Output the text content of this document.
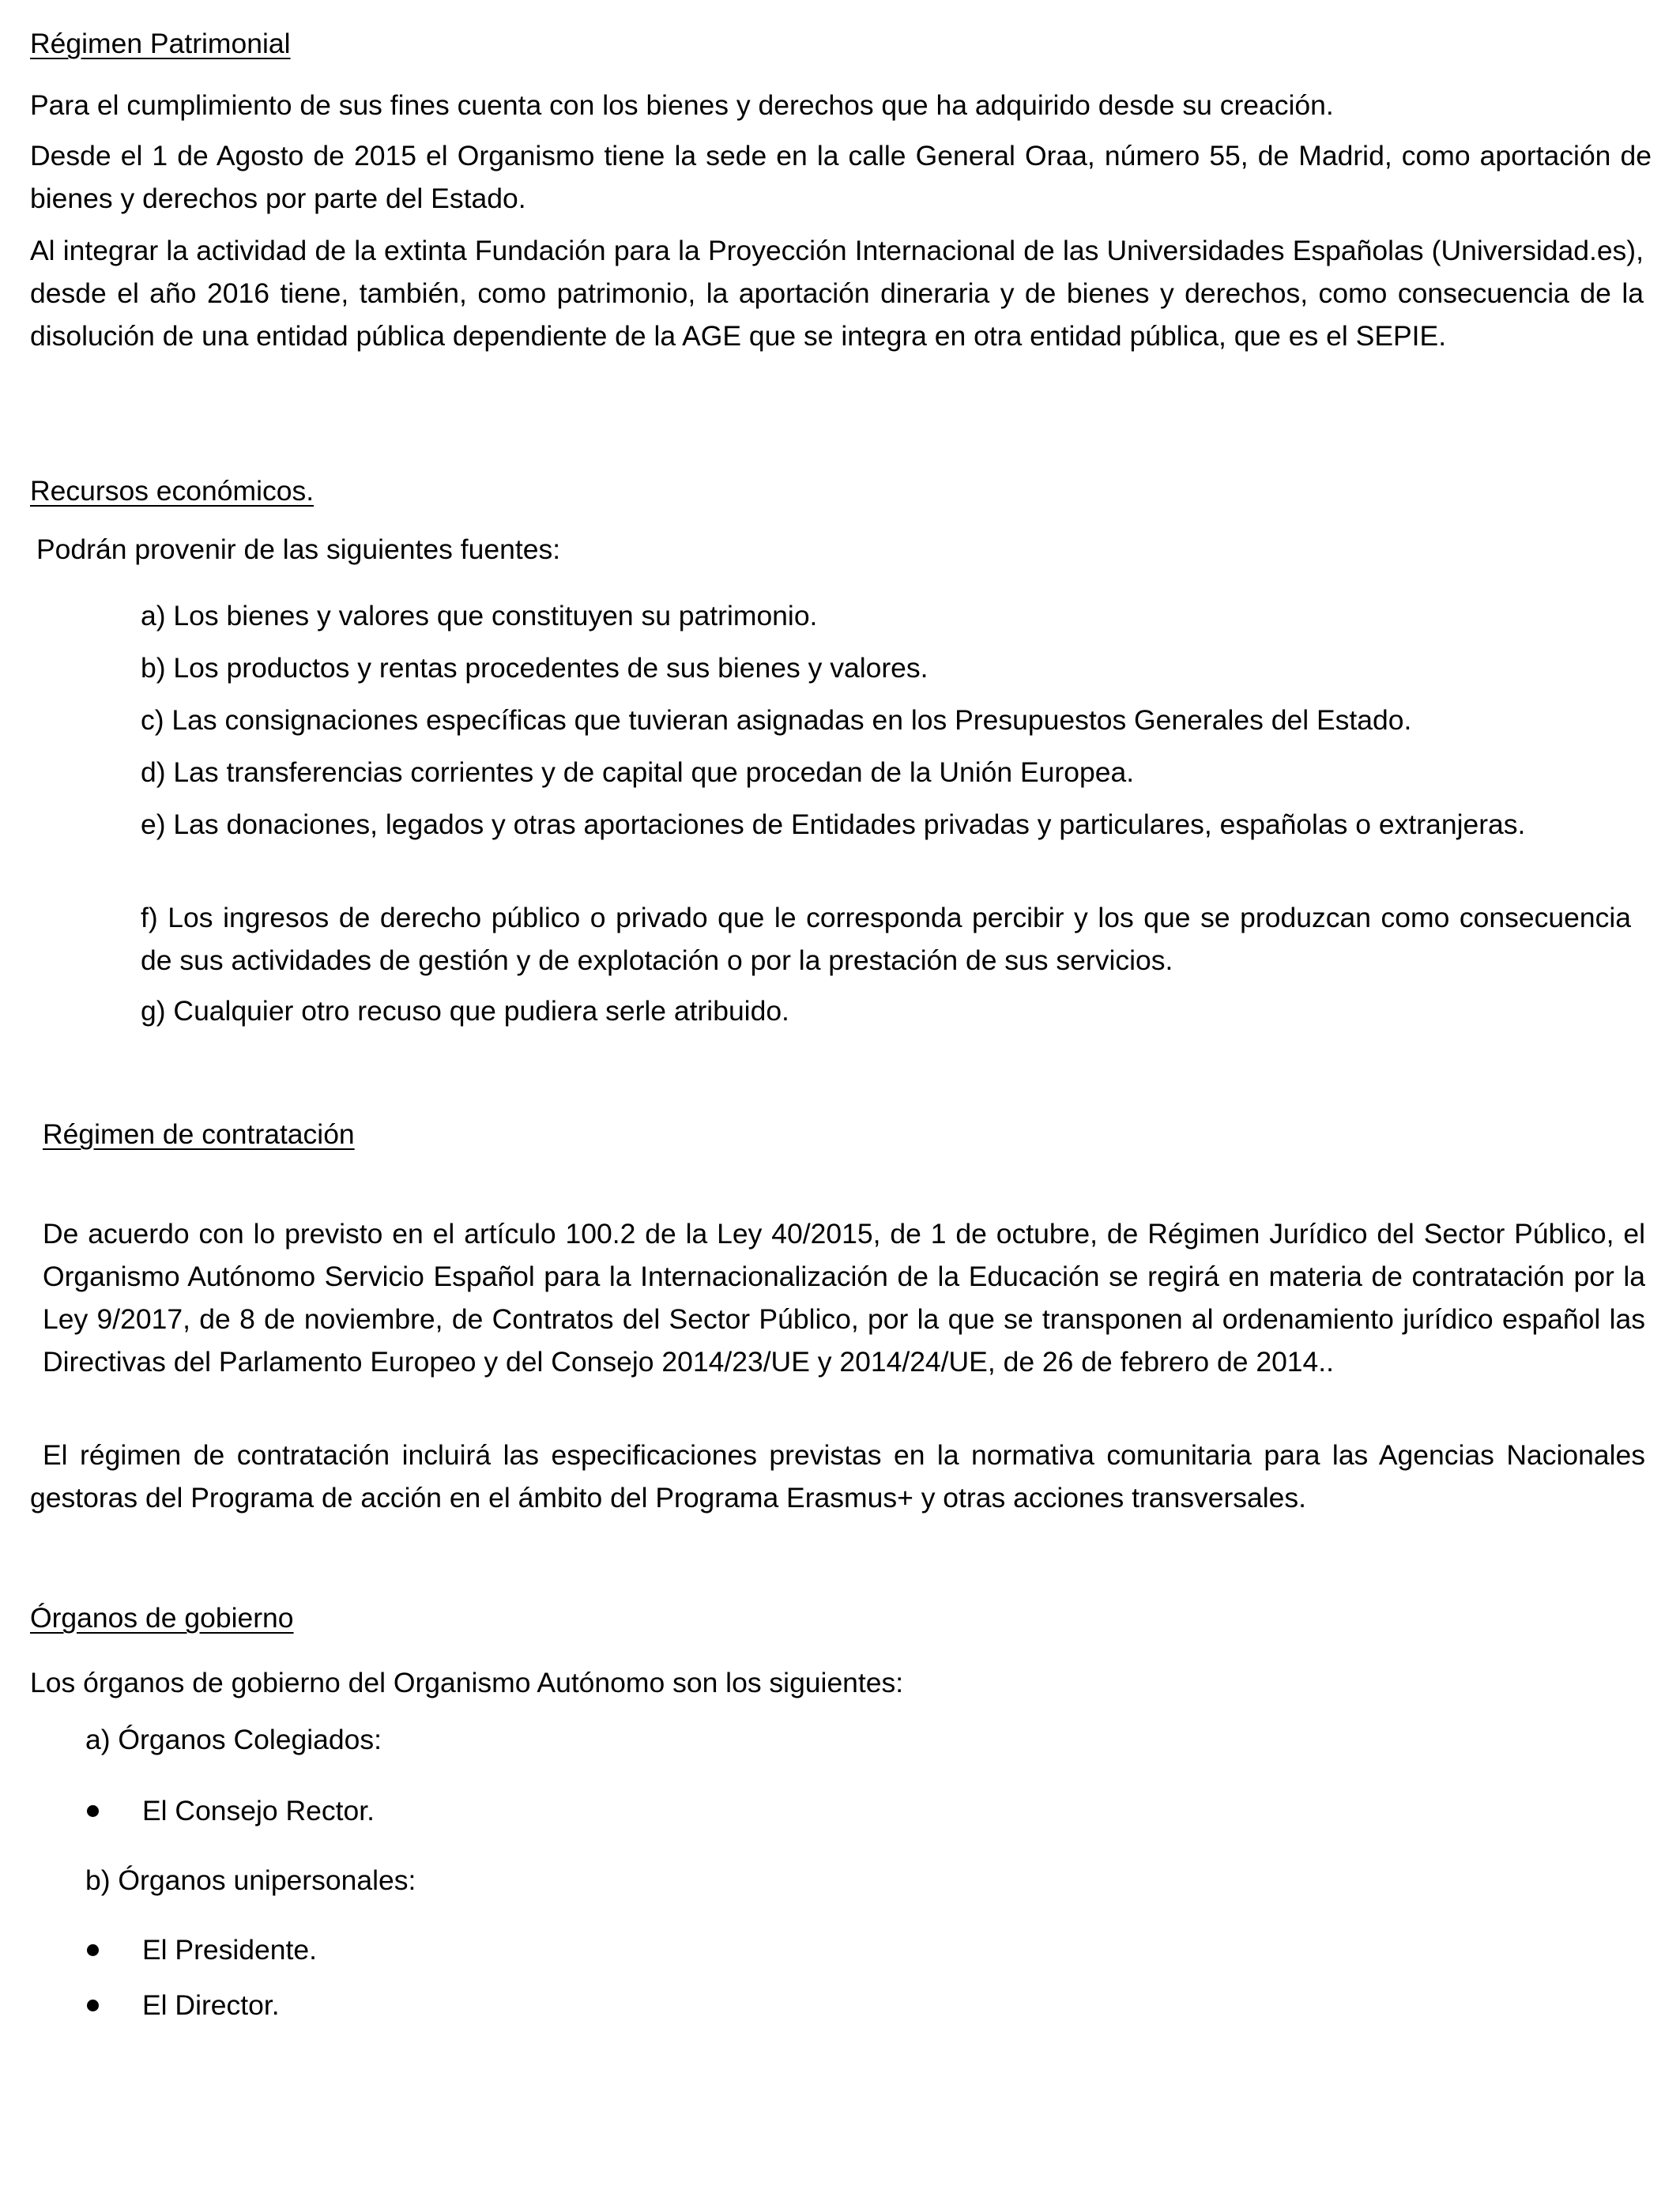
Régimen Patrimonial

Para el cumplimiento de sus fines cuenta con los bienes y derechos que ha adquirido desde su creación.

Desde el 1 de Agosto de 2015 el Organismo tiene la sede en la calle General Oraa, número 55, de Madrid, como aportación de bienes y derechos por parte del Estado.

Al integrar la actividad de la extinta Fundación para la Proyección Internacional de las Universidades Españolas (Universidad.es), desde el año 2016 tiene, también, como patrimonio, la aportación dineraria y de bienes y derechos, como consecuencia de la disolución de una entidad pública dependiente de la AGE que se integra en otra entidad pública, que es el SEPIE.

Recursos económicos.

Podrán provenir de las siguientes fuentes:

a) Los bienes y valores que constituyen su patrimonio.

b) Los productos y rentas procedentes de sus bienes y valores.

c) Las consignaciones específicas que tuvieran asignadas en los Presupuestos Generales del Estado.

d) Las transferencias corrientes y de capital que procedan de la Unión Europea.

e) Las donaciones, legados y otras aportaciones de Entidades privadas y particulares, españolas o extranjeras.

f) Los ingresos de derecho público o privado que le corresponda percibir y los que se produzcan como consecuencia de sus actividades de gestión y de explotación o por la prestación de sus servicios.

g) Cualquier otro recuso que pudiera serle atribuido.

Régimen de contratación

De acuerdo con lo previsto en el artículo 100.2 de la Ley 40/2015, de 1 de octubre, de Régimen Jurídico del Sector Público, el Organismo Autónomo Servicio Español para la Internacionalización de la Educación se regirá en materia de contratación por la Ley 9/2017, de 8 de noviembre, de Contratos del Sector Público, por la que se transponen al ordenamiento jurídico español las Directivas del Parlamento Europeo y del Consejo 2014/23/UE y 2014/24/UE, de 26 de febrero de 2014..

El régimen de contratación incluirá las especificaciones previstas en la normativa comunitaria para las Agencias Nacionales gestoras del Programa de acción en el ámbito del Programa Erasmus+ y otras acciones transversales.

Órganos de gobierno

Los órganos de gobierno del Organismo Autónomo son los siguientes:

a) Órganos Colegiados:

El Consejo Rector.

b) Órganos unipersonales:

El Presidente.

El Director.
